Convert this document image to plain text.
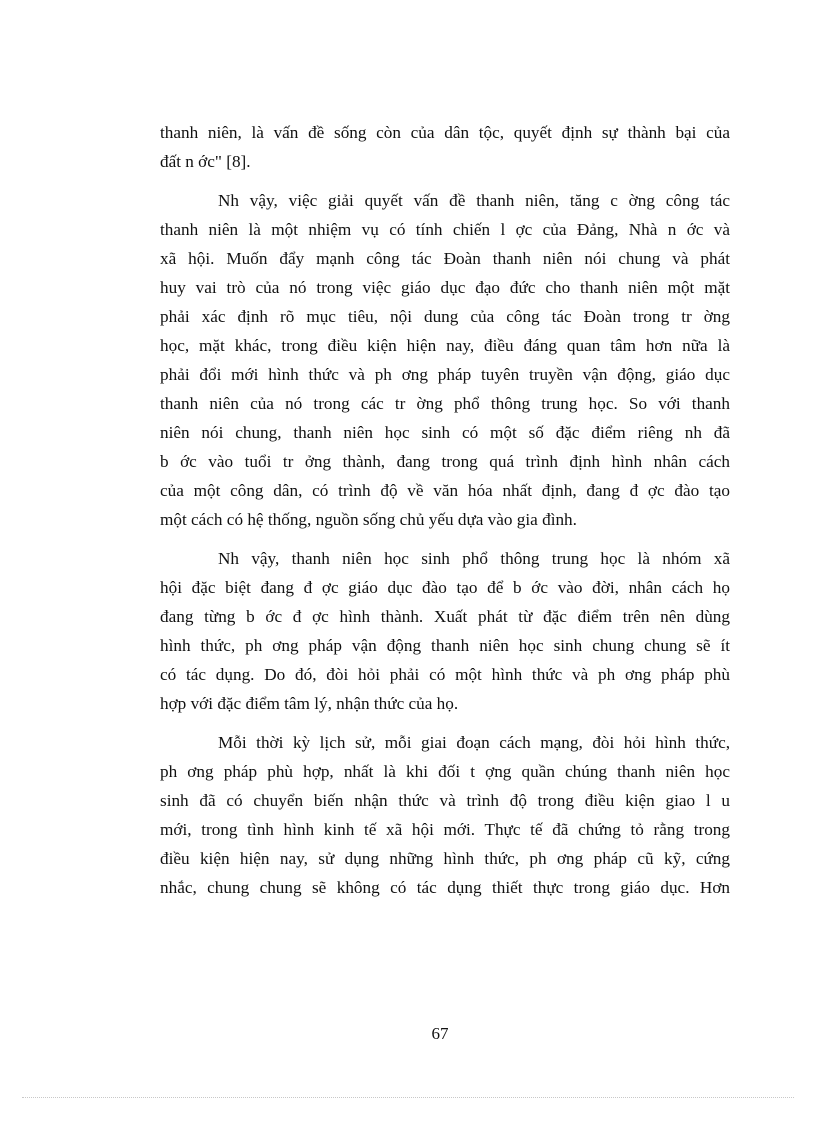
thanh niên, là vấn đề sống còn của dân tộc, quyết định sự thành bại của
đất n ớc" [8].
Nh vậy, việc giải quyết vấn đề thanh niên, tăng c ờng công tác
thanh niên là một nhiệm vụ có tính chiến l ợc của Đảng, Nhà n ớc và
xã hội. Muốn đẩy mạnh công tác Đoàn thanh niên nói chung và phát
huy vai trò của nó trong việc giáo dục đạo đức cho thanh niên một mặt
phải xác định rõ mục tiêu, nội dung của công tác Đoàn trong tr ờng
học, mặt khác, trong điều kiện hiện nay, điều đáng quan tâm hơn nữa là
phải đổi mới hình thức và ph ơng pháp tuyên truyền vận động, giáo dục
thanh niên của nó trong các tr ờng phổ thông trung học. So với thanh
niên nói chung, thanh niên học sinh có một số đặc điểm riêng nh đã
b ớc vào tuổi tr ởng thành, đang trong quá trình định hình nhân cách
của một công dân, có trình độ về văn hóa nhất định, đang đ ợc đào tạo
một cách có hệ thống, nguồn sống chủ yếu dựa vào gia đình.
Nh vậy, thanh niên học sinh phổ thông trung học là nhóm xã
hội đặc biệt đang đ ợc giáo dục đào tạo để b ớc vào đời, nhân cách họ
đang từng b ớc đ ợc hình thành. Xuất phát từ đặc điểm trên nên dùng
hình thức, ph ơng pháp vận động thanh niên học sinh chung chung sẽ ít
có tác dụng. Do đó, đòi hỏi phải có một hình thức và ph ơng pháp phù
hợp với đặc điểm tâm lý, nhận thức của họ.
Mỗi thời kỳ lịch sử, mỗi giai đoạn cách mạng, đòi hỏi hình thức,
ph ơng pháp phù hợp, nhất là khi đối t ợng quần chúng thanh niên học
sinh đã có chuyển biến nhận thức và trình độ trong điều kiện giao l u
mới, trong tình hình kinh tế xã hội mới. Thực tế đã chứng tỏ rằng trong
điều kiện hiện nay, sử dụng những hình thức, ph ơng pháp cũ kỹ, cứng
nhắc, chung chung sẽ không có tác dụng thiết thực trong giáo dục. Hơn
67
